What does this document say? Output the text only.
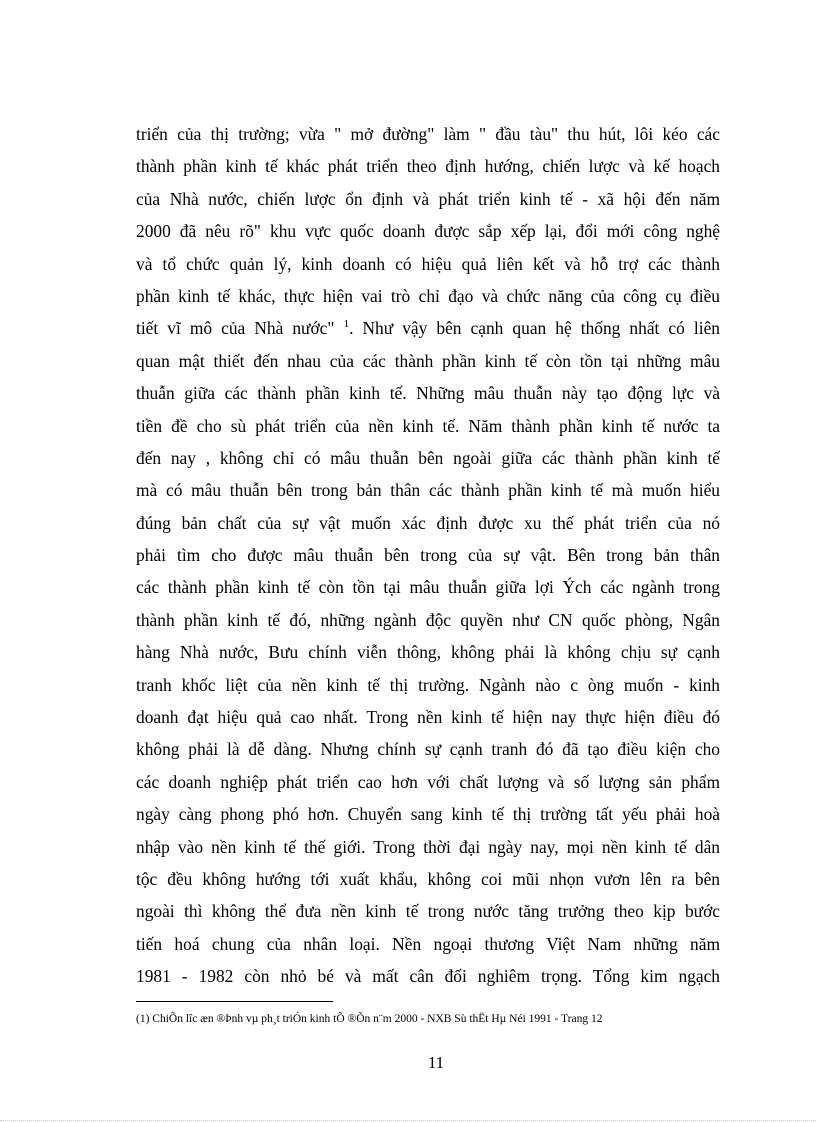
triển của thị trường; vừa " mở đường" làm " đầu tàu" thu hút, lôi kéo các
thành phần kinh tế khác phát triển theo định hướng, chiến lược và kế hoạch
của Nhà nước, chiến lược ổn định và phát triển kinh tế - xã hội đến năm
2000 đã nêu rõ" khu vực quốc doanh được sắp xếp lại, đổi mới công nghệ
và tổ chức quản lý, kinh doanh có hiệu quả liên kết và hỗ trợ các thành
phần kinh tế khác, thực hiện vai trò chỉ đạo và chức năng của công cụ điều
tiết vĩ mô của Nhà nước" $^1$. Như vậy bên cạnh quan hệ thống nhất có liên
quan mật thiết đến nhau của các thành phần kinh tế còn tồn tại những mâu
thuẫn giữa các thành phần kinh tế. Những mâu thuẫn này tạo động lực và
tiền đề cho sù phát triển của nền kinh tế. Năm thành phần kinh tế nước ta
đến nay , không chỉ có mâu thuẫn bên ngoài giữa các thành phần kinh tế
mà có mâu thuẫn bên trong bản thân các thành phần kinh tế mà muốn hiểu
đúng bản chất của sự vật muốn xác định được xu thế phát triển của nó
phải tìm cho được mâu thuẫn bên trong của sự vật. Bên trong bản thân
các thành phần kinh tế còn tồn tại mâu thuẫn giữa lợi Ých các ngành trong
thành phần kinh tế đó, những ngành độc quyền như CN quốc phòng, Ngân
hàng Nhà nước, Bưu chính viễn thông, không phải là không chịu sự cạnh
tranh khốc liệt của nền kinh tế thị trường. Ngành nào c òng muốn - kinh
doanh đạt hiệu quả cao nhất. Trong nền kinh tế hiện nay thực hiện điều đó
không phải là dễ dàng. Nhưng chính sự cạnh tranh đó đã tạo điều kiện cho
các doanh nghiệp phát triển cao hơn với chất lượng và số lượng sản phẩm
ngày càng phong phó hơn. Chuyển sang kinh tế thị trường tất yếu phải hoà
nhập vào nền kinh tế thế giới. Trong thời đại ngày nay, mọi nền kinh tế dân
tộc đều không hướng tới xuất khẩu, không coi mũi nhọn vươn lên ra bên
ngoài thì không thể đưa nền kinh tế trong nước tăng trưởng theo kịp bước
tiến hoá chung của nhân loại. Nền ngoại thương Việt Nam những năm
1981 - 1982 còn nhỏ bé và mất cân đối nghiêm trọng. Tổng kim ngạch
(1) ChiÕn lîc æn ®Þnh vµ ph¸t triÓn kinh tÕ ®Õn n¨m 2000 - NXB Sù thËt Hµ Néi 1991 - Trang 12
11
